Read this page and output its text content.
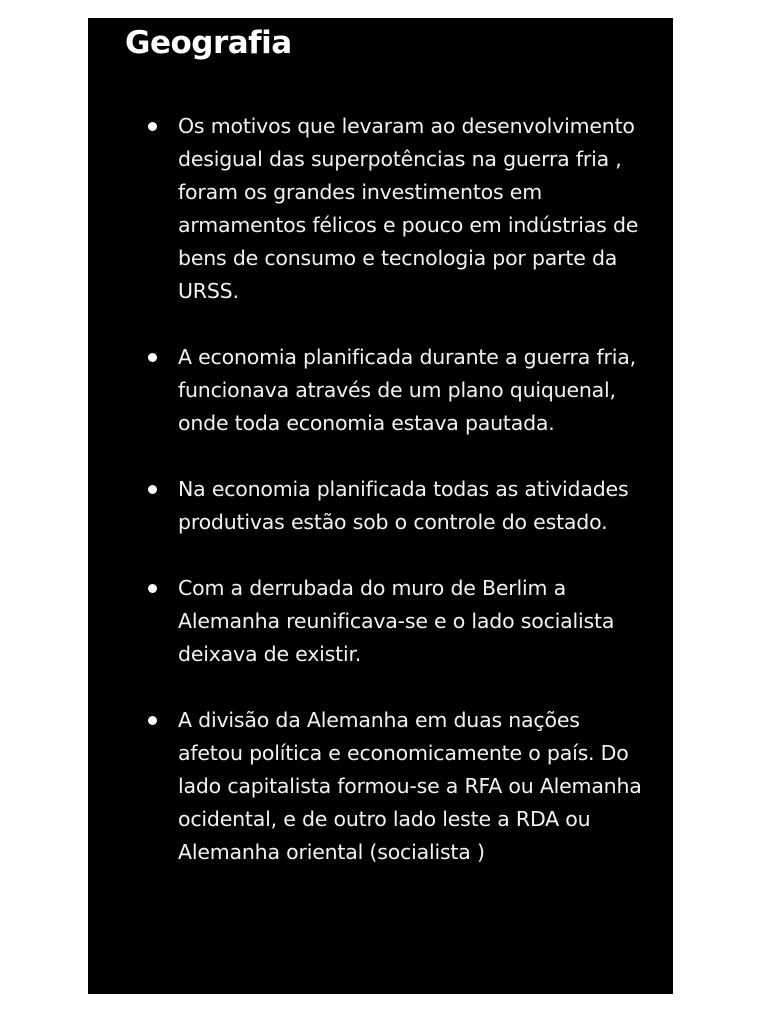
Geografia
Os motivos que levaram ao desenvolvimento desigual das superpotências na guerra fria , foram os grandes investimentos em armamentos félicos e pouco em indústrias de bens de consumo e tecnologia por parte da URSS.
A economia planificada durante a guerra fria, funcionava através de um plano quiquenal, onde toda economia estava pautada.
Na economia planificada todas as atividades produtivas estão sob o controle do estado.
Com a derrubada do muro de Berlim a Alemanha reunificava-se e o lado socialista deixava de existir.
A divisão da Alemanha em duas nações afetou política e economicamente o país. Do lado capitalista formou-se a RFA ou Alemanha ocidental, e de outro lado leste a RDA ou Alemanha oriental (socialista )
